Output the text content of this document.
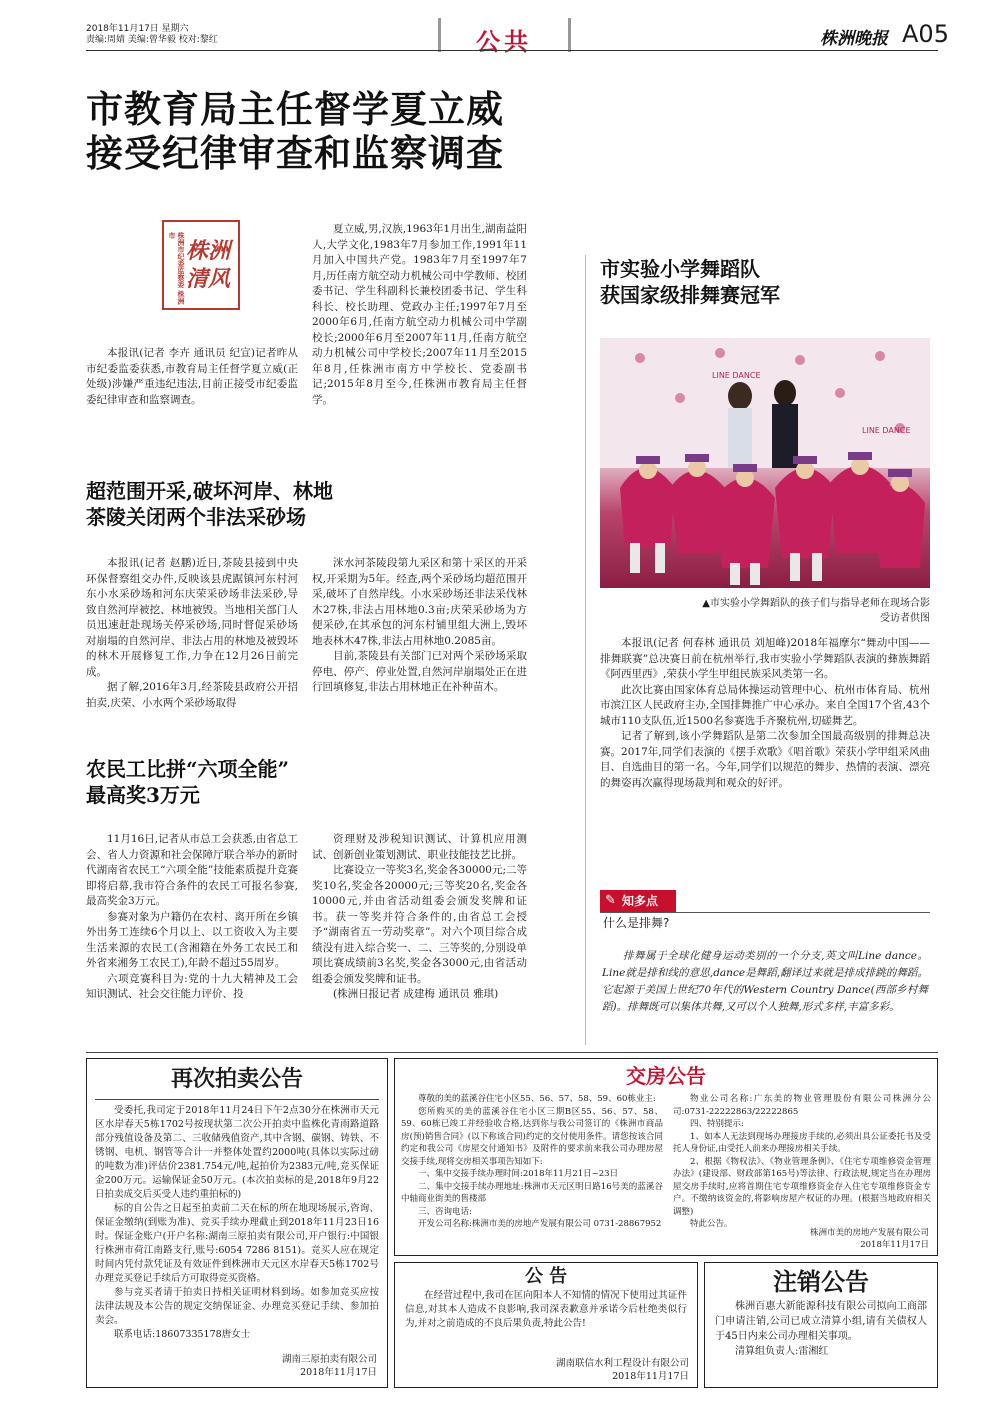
2018年11月17日 星期六
责编:周婧 美编:曾华毅 校对:黎红	公共	株洲晚报 A05
市教育局主任督学夏立威
接受纪律审查和监察调查
株洲市纪委监察委 株洲市
株洲 清风
本报讯(记者 李卉 通讯员 纪宣)记者昨从市纪委监委获悉,市教育局主任督学夏立威(正处级)涉嫌严重违纪违法,目前正接受市纪委监委纪律审查和监察调查。
夏立威,男,汉族,1963年1月出生,湖南益阳人,大学文化,1983年7月参加工作,1991年11月加入中国共产党。1983年7月至1997年7月,历任南方航空动力机械公司中学教师、校团委书记、学生科副科长兼校团委书记、学生科科长、校长助理、党政办主任;1997年7月至2000年6月,任南方航空动力机械公司中学副校长;2000年6月至2007年11月,任南方航空动力机械公司中学校长;2007年11月至2015年8月,任株洲市南方中学校长、党委副书记;2015年8月至今,任株洲市教育局主任督学。
超范围开采,破坏河岸、林地
茶陵关闭两个非法采砂场

本报讯(记者 赵鹏)近日,茶陵县接到中央环保督察组交办件,反映该县虎踞镇河东村河东小水采砂场和河东庆荣采砂场非法采砂,导致自然河岸被挖、林地被毁。当地相关部门人员迅速赶赴现场关停采砂场,同时督促采砂场对崩塌的自然河岸、非法占用的林地及被毁坏的林木开展修复工作,力争在12月26日前完成。

据了解,2016年3月,经茶陵县政府公开招拍卖,庆荣、小水两个采砂场取得

洣水河茶陵段第九采区和第十采区的开采权,开采期为5年。经查,两个采砂场均超范围开采,破坏了自然岸线。小水采砂场还非法采伐林木27株,非法占用林地0.3亩;庆荣采砂场为方便采砂,在其承包的河东村铺里组大洲上,毁坏地表林木47株,非法占用林地0.2085亩。

目前,茶陵县有关部门已对两个采砂场采取停电、停产、停业处置,自然河岸崩塌处正在进行回填修复,非法占用林地正在补种苗木。

农民工比拼“六项全能”
最高奖3万元

11月16日,记者从市总工会获悉,由省总工会、省人力资源和社会保障厅联合举办的新时代湖南省农民工“六项全能”技能素质提升竞赛即将启幕,我市符合条件的农民工可报名参赛,最高奖金3万元。

参赛对象为户籍仍在农村、离开所在乡镇外出务工连续6个月以上、以工资收入为主要生活来源的农民工(含湘籍在外务工农民工和外省来湘务工农民工),年龄不超过55周岁。

六项竞赛科目为:党的十九大精神及工会知识测试、社会交往能力评价、投

资理财及涉税知识测试、计算机应用测试、创新创业策划测试、职业技能技艺比拼。

比赛设立一等奖3名,奖金各30000元;二等奖10名,奖金各20000元;三等奖20名,奖金各10000元,并由省活动组委会颁发奖牌和证书。获一等奖并符合条件的,由省总工会授予“湖南省五一劳动奖章”。对六个项目综合成绩没有进入综合奖一、二、三等奖的,分别设单项比赛成绩前3名奖,奖金各3000元,由省活动组委会颁发奖牌和证书。

(株洲日报记者 成建梅 通讯员 雅琪)

市实验小学舞蹈队
获国家级排舞赛冠军
LINE DANCE
LINE DANCE
▲市实验小学舞蹈队的孩子们与指导老师在现场合影
受访者供图

本报讯(记者 何春林 通讯员 刘旭峰)2018年福摩尔“舞动中国——排舞联赛”总决赛日前在杭州举行,我市实验小学舞蹈队表演的彝族舞蹈《阿西里西》,荣获小学生甲组民族采风类第一名。

此次比赛由国家体育总局体操运动管理中心、杭州市体育局、杭州市滨江区人民政府主办,全国排舞推广中心承办。来自全国17个省,43个城市110支队伍,近1500名参赛选手齐聚杭州,切磋舞艺。

记者了解到,该小学舞蹈队是第二次参加全国最高级别的排舞总决赛。2017年,同学们表演的《摆手欢歌》《唱首歌》荣获小学甲组采风曲目、自选曲目的第一名。今年,同学们以规范的舞步、热情的表演、漂亮的舞姿再次赢得现场裁判和观众的好评。

✎ 知多点
什么是排舞?
排舞属于全球化健身运动类别的一个分支,英文叫Line dance。Line就是排和线的意思,dance是舞蹈,翻译过来就是排成排跳的舞蹈。它起源于美国上世纪70年代的Western Country Dance(西部乡村舞蹈)。排舞既可以集体共舞,又可以个人独舞,形式多样,丰富多彩。
再次拍卖公告

受委托,我司定于2018年11月24日下午2点30分在株洲市天元区水岸春天5栋1702号按现状第二次公开拍卖中监株化青雨路道路部分残值设备及第二、三收储残值资产,其中含钢、碳钢、铸铁、不锈钢、电机、钢管等合计一并整体处置约2000吨(具体以实际过磅的吨数为准)评估价2381.754元/吨,起拍价为2383元/吨,竞买保证金200万元。运输保证金50万元。(本次拍卖标的是,2018年9月22日拍卖成交后买受人违约重拍标的)

标的自公告之日起至拍卖前二天在标的所在地现场展示,咨询、保证金缴纳(到账为准)、竞买手续办理截止到2018年11月23日16时。保证金账户(开户名称:湖南三原拍卖有限公司,开户银行:中国银行株洲市荷江南路支行,账号:6054 7286 8151)。竞买人应在规定时间内凭付款凭证及有效证件到株洲市天元区水岸春天5栋1702号办理竞买登记手续后方可取得竞买资格。

参与竞买者请于拍卖日持相关证明材料到场。如参加竞买应按法律法规及本公告的规定交纳保证金、办理竞买登记手续、参加拍卖会。

联系电话:18607335178唐女士

湖南三原拍卖有限公司
2018年11月17日
交房公告

尊敬的美的蓝溪谷住宅小区55、56、57、58、59、60栋业主:

您所购买的美的蓝溪谷住宅小区三期B区55、56、57、58、59、60栋已竣工并经验收合格,达到你与我公司签订的《株洲市商品房(预)销售合同》(以下称该合同)约定的交付使用条件。请您按该合同约定和我公司《房屋交付通知书》及附件的要求前来我公司办理房屋交接手续,现将交房相关事项告知如下:

一、集中交接手续办理时间:2018年11月21日~23日

二、集中交接手续办理地址:株洲市天元区明日路16号美的蓝溪谷中轴商业街美的售楼部

三、咨询电话:

开发公司名称:株洲市美的房地产发展有限公司 0731-28867952

物业公司名称:广东美的物业管理股份有限公司株洲分公司:0731-22222863/22222865

四、特别提示:

1、如本人无法到现场办理接房手续的,必须出具公证委托书及受托人身份证,由受托人前来办理接房相关手续。

2、根据《物权法》、《物业管理条例》、《住宅专项维修资金管理办法》(建设部、财政部第165号)等法律、行政法规,规定当在办理房屋交房手续时,应将首期住宅专项维修资金存入住宅专项维修资金专户。不缴纳该资金的,将影响房屋产权证的办理。(根据当地政府相关调整)

特此公告。

株洲市美的房地产发展有限公司
2018年11月17日
公 告
在经营过程中,我司在匡向阳本人不知情的情况下使用过其证件信息,对其本人造成不良影响,我司深表歉意并承诺今后杜绝类似行为,并对之前造成的不良后果负责,特此公告!
湖南联信水利工程设计有限公司
2018年11月17日
注销公告
株洲百惠大新能源科技有限公司拟向工商部门申请注销,公司已成立清算小组,请有关债权人于45日内来公司办理相关事项。
清算组负责人:雷湘红
